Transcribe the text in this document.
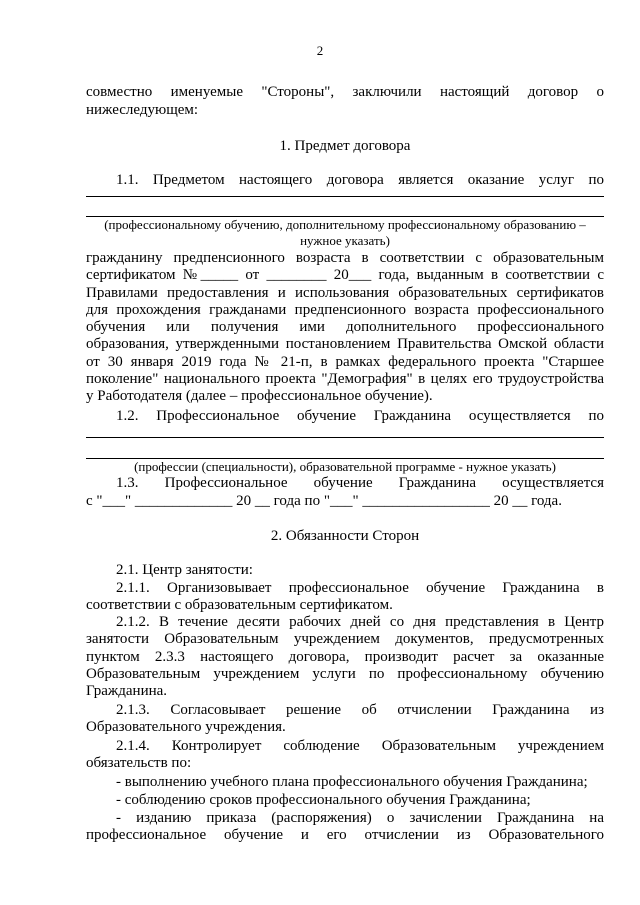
2
совместно именуемые "Стороны", заключили настоящий договор о
нижеследующем:
1. Предмет договора
1.1. Предметом настоящего договора является оказание услуг по
(профессиональному обучению, дополнительному профессиональному образованию –
нужное указать)
гражданину предпенсионного возраста в соответствии с образовательным
сертификатом №_____ от ________ 20___ года, выданным в соответствии с
Правилами предоставления и использования образовательных сертификатов
для прохождения гражданами предпенсионного возраста профессионального
обучения или получения ими дополнительного профессионального
образования, утвержденными постановлением Правительства Омской области
от 30 января 2019 года № 21-п, в рамках федерального проекта "Старшее
поколение" национального проекта "Демография" в целях его трудоустройства
у Работодателя (далее – профессиональное обучение).
1.2. Профессиональное обучение Гражданина осуществляется по
(профессии (специальности), образовательной программе - нужное указать)
1.3. Профессиональное обучение Гражданина осуществляется
с "___" _____________ 20 __ года по "___" _________________ 20 __ года.
2. Обязанности Сторон
2.1. Центр занятости:
2.1.1. Организовывает профессиональное обучение Гражданина в
соответствии с образовательным сертификатом.
2.1.2. В течение десяти рабочих дней со дня представления в Центр
занятости Образовательным учреждением документов, предусмотренных
пунктом 2.3.3 настоящего договора, производит расчет за оказанные
Образовательным учреждением услуги по профессиональному обучению
Гражданина.
2.1.3. Согласовывает решение об отчислении Гражданина из
Образовательного учреждения.
2.1.4. Контролирует соблюдение Образовательным учреждением
обязательств по:
- выполнению учебного плана профессионального обучения Гражданина;
- соблюдению сроков профессионального обучения Гражданина;
- изданию приказа (распоряжения) о зачислении Гражданина на
профессиональное обучение и его отчислении из Образовательного
